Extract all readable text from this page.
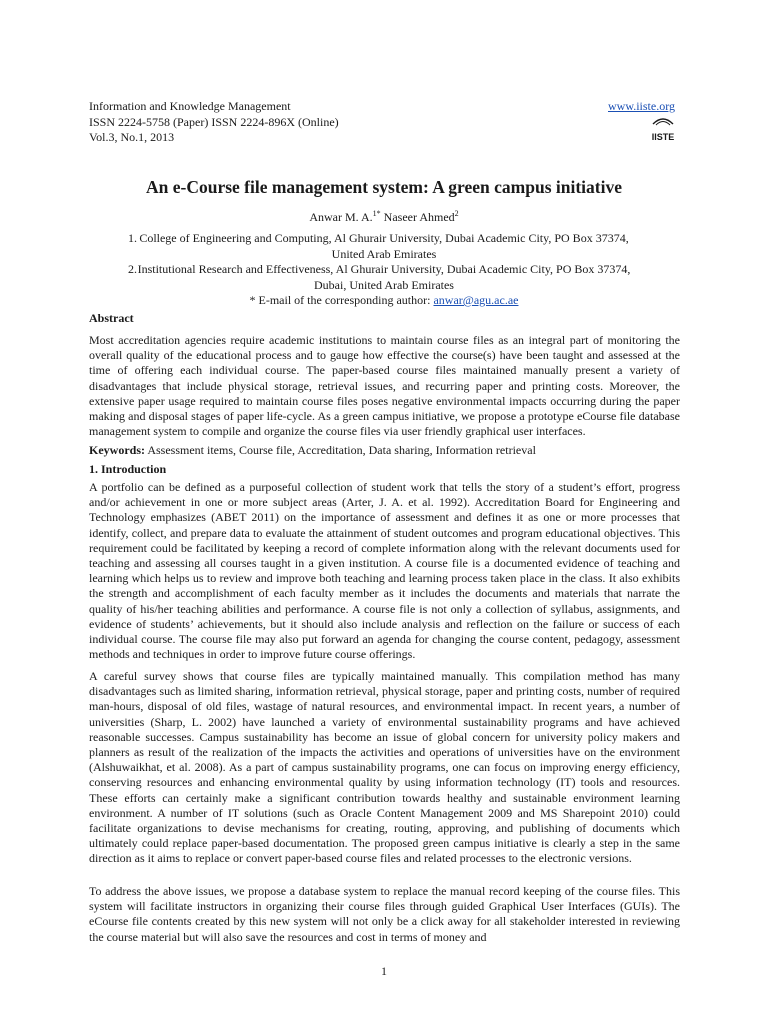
Information and Knowledge Management
ISSN 2224-5758 (Paper) ISSN 2224-896X (Online)
Vol.3, No.1, 2013
www.iiste.org
IISTE
An e-Course file management system: A green campus initiative
Anwar M. A.$^{1*}$ Naseer Ahmed$^2$
1. College of Engineering and Computing, Al Ghurair University, Dubai Academic City, PO Box 37374, United Arab Emirates
2. Institutional Research and Effectiveness, Al Ghurair University, Dubai Academic City, PO Box 37374, Dubai, United Arab Emirates
* E-mail of the corresponding author: anwar@agu.ac.ae
Abstract
Most accreditation agencies require academic institutions to maintain course files as an integral part of monitoring the overall quality of the educational process and to gauge how effective the course(s) have been taught and assessed at the time of offering each individual course. The paper-based course files maintained manually present a variety of disadvantages that include physical storage, retrieval issues, and recurring paper and printing costs. Moreover, the extensive paper usage required to maintain course files poses negative environmental impacts occurring during the paper making and disposal stages of paper life-cycle. As a green campus initiative, we propose a prototype eCourse file database management system to compile and organize the course files via user friendly graphical user interfaces.
Keywords: Assessment items, Course file, Accreditation, Data sharing, Information retrieval
1. Introduction
A portfolio can be defined as a purposeful collection of student work that tells the story of a student’s effort, progress and/or achievement in one or more subject areas (Arter, J. A. et al. 1992). Accreditation Board for Engineering and Technology emphasizes (ABET 2011) on the importance of assessment and defines it as one or more processes that identify, collect, and prepare data to evaluate the attainment of student outcomes and program educational objectives. This requirement could be facilitated by keeping a record of complete information along with the relevant documents used for teaching and assessing all courses taught in a given institution. A course file is a documented evidence of teaching and learning which helps us to review and improve both teaching and learning process taken place in the class. It also exhibits the strength and accomplishment of each faculty member as it includes the documents and materials that narrate the quality of his/her teaching abilities and performance. A course file is not only a collection of syllabus, assignments, and evidence of students’ achievements, but it should also include analysis and reflection on the failure or success of each individual course. The course file may also put forward an agenda for changing the course content, pedagogy, assessment methods and techniques in order to improve future course offerings.
A careful survey shows that course files are typically maintained manually. This compilation method has many disadvantages such as limited sharing, information retrieval, physical storage, paper and printing costs, number of required man-hours, disposal of old files, wastage of natural resources, and environmental impact. In recent years, a number of universities (Sharp, L. 2002) have launched a variety of environmental sustainability programs and have achieved reasonable successes. Campus sustainability has become an issue of global concern for university policy makers and planners as result of the realization of the impacts the activities and operations of universities have on the environment (Alshuwaikhat, et al. 2008). As a part of campus sustainability programs, one can focus on improving energy efficiency, conserving resources and enhancing environmental quality by using information technology (IT) tools and resources. These efforts can certainly make a significant contribution towards healthy and sustainable environment learning environment. A number of IT solutions (such as Oracle Content Management 2009 and MS Sharepoint 2010) could facilitate organizations to devise mechanisms for creating, routing, approving, and publishing of documents which ultimately could replace paper-based documentation. The proposed green campus initiative is clearly a step in the same direction as it aims to replace or convert paper-based course files and related processes to the electronic versions.
To address the above issues, we propose a database system to replace the manual record keeping of the course files. This system will facilitate instructors in organizing their course files through guided Graphical User Interfaces (GUIs). The eCourse file contents created by this new system will not only be a click away for all stakeholder interested in reviewing the course material but will also save the resources and cost in terms of money and
1
